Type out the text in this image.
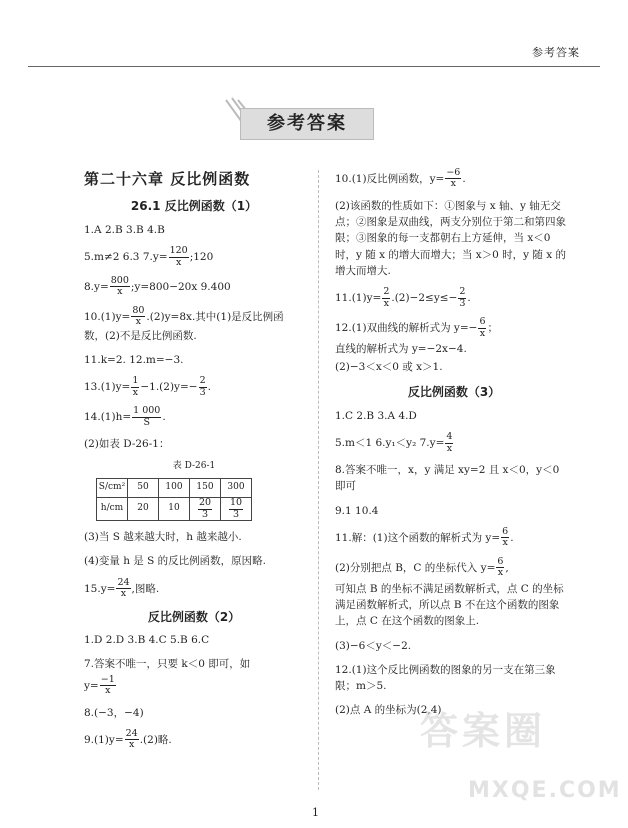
参考答案
参考答案
第二十六章 反比例函数
26.1 反比例函数（1）

1.A 2.B 3.B 4.B

5.m≠2 6.3 $7.y= \frac{120}{x}$ ;120

$8.y= \frac{800}{x}$ ;y=800−20x 9.400

$10.(1)y= \frac{80}{x} .(2)y=8x$.其中(1)是反比例函数，(2)不是反比例函数.

11.k=2. 12.m=−3.

$13.(1)y= \frac{1}{x} -1.(2)y=- \frac{2}{3}$ .

$14.(1)h= \frac{1 000}{S}$ .

(2)如表 D-26-1：

表 D-26-1
S/cm²	50	100	150	300
h/cm	20	10	$\frac{20}{3}$	$\frac{10}{3}$

(3)当 S 越来越大时，h 越来越小.

(4)变量 h 是 S 的反比例函数，原因略.

$15.y= \frac{24}{x}$ ,图略.

反比例函数（2）

1.D 2.D 3.B 4.C 5.B 6.C

7.答案不唯一，只要 k＜0 即可，如

$y= \frac{-1}{x}$

8.(−3，−4)

$9.(1)y= \frac{24}{x} .(2)$略.

10.(1)反比例函数，$y= \frac{-6}{x}$ .

(2)该函数的性质如下：①图象与 x 轴、y 轴无交点；②图象是双曲线，两支分别位于第二和第四象限；③图象的每一支都朝右上方延伸，当 x＜0 时，y 随 x 的增大而增大；当 x＞0 时，y 随 x 的增大而增大.

$11.(1)y= \frac{2}{x} .(2)-2\le y\le- \frac{2}{3}$ .

12.(1)双曲线的解析式为 $y=- \frac{6}{x}$ ；

直线的解析式为 y=−2x−4.

(2)−3＜x＜0 或 x＞1.

反比例函数（3）

1.C 2.B 3.A 4.D

5.m＜1 6.y₁＜y₂ $7.y= \frac{4}{x}$

8.答案不唯一，x，y 满足 xy=2 且 x＜0，y＜0 即可

9.1 10.4

11.解：(1)这个函数的解析式为 $y= \frac{6}{x}$ .

(2)分别把点 B，C 的坐标代入 $y= \frac{6}{x}$ ,

可知点 B 的坐标不满足函数解析式，点 C 的坐标满足函数解析式，所以点 B 不在这个函数的图象上，点 C 在这个函数的图象上.

(3)−6＜y＜−2.

12.(1)这个反比例函数的图象的另一支在第三象限；m＞5.

(2)点 A 的坐标为(2,4)

答案圈
MXQE.COM
1
